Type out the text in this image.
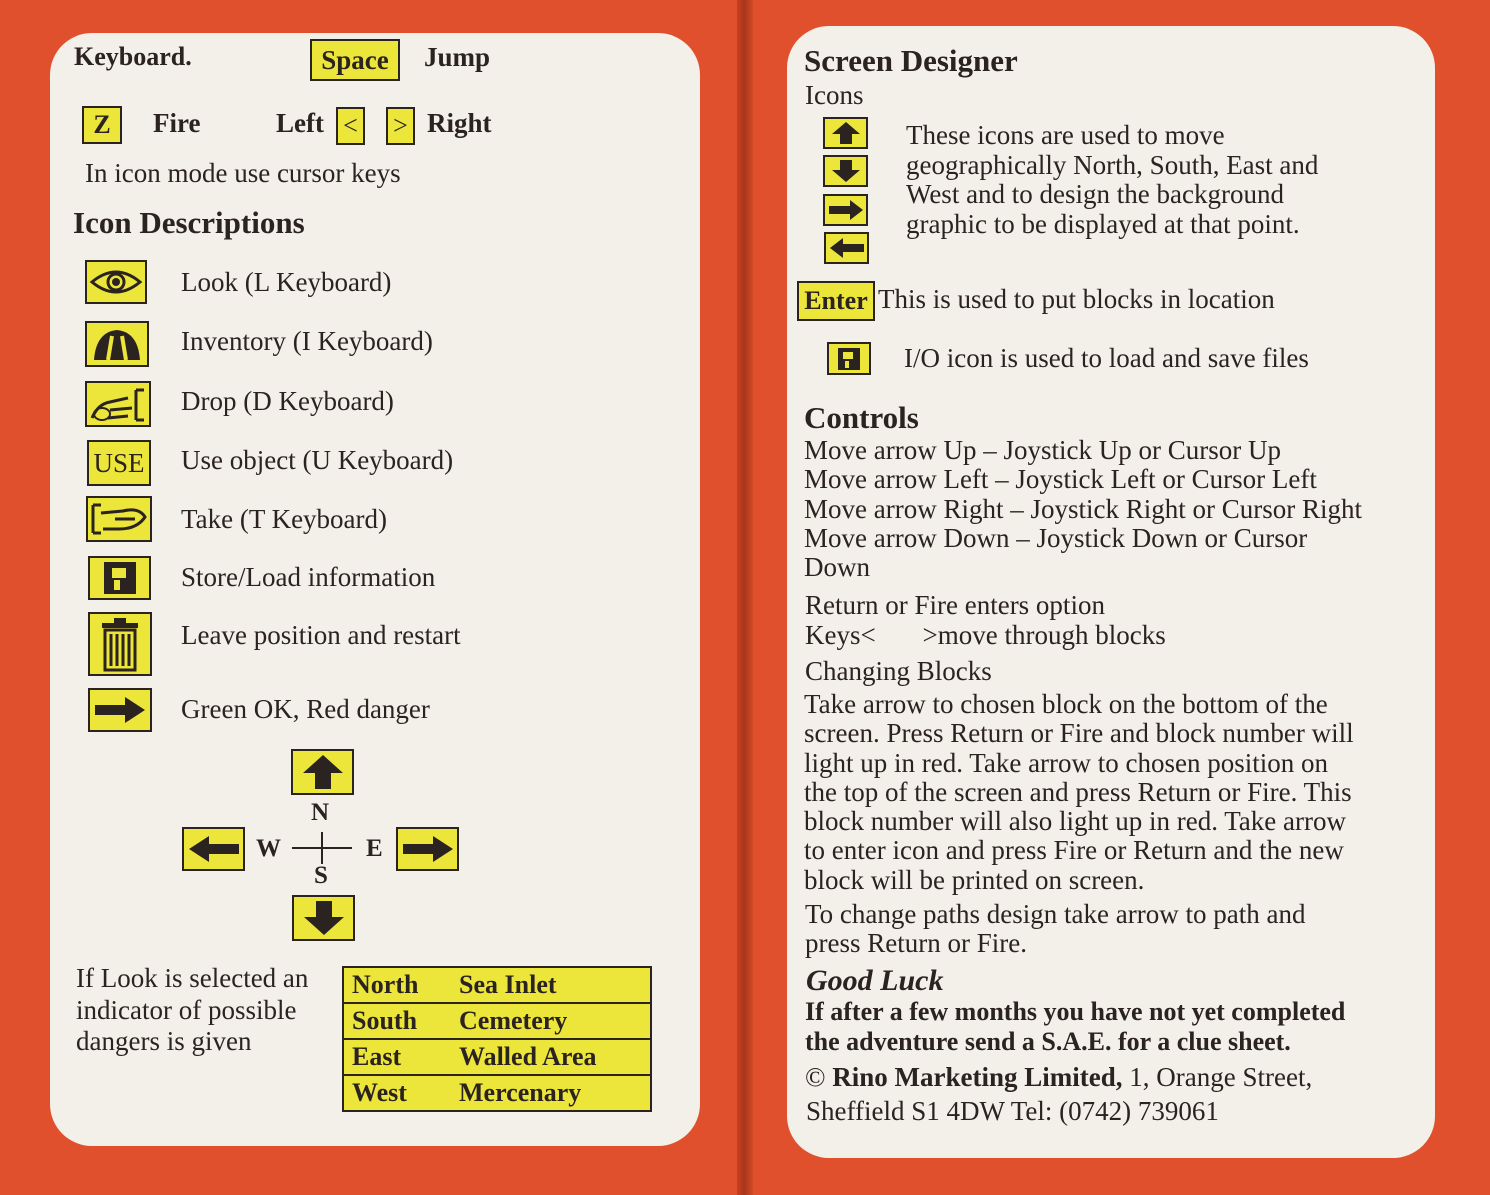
Keyboard.	Space	Jump
Z	Fire	Left < > Right
In icon mode use cursor keys
Icon Descriptions
Look (L Keyboard)
Inventory (I Keyboard)
Drop (D Keyboard)
USE Use object (U Keyboard)
Take (T Keyboard)
Store/Load information
Leave position and restart
Green OK, Red danger
N
S
W	E
If Look is selected an
indicator of possible
dangers is given
North	Sea Inlet
South	Cemetery
East	Walled Area
West	Mercenary
Screen Designer
Icons
These icons are used to move
geographically North, South, East and
West and to design the background
graphic to be displayed at that point.
Enter This is used to put blocks in location
I/O icon is used to load and save files
Controls
Move arrow Up – Joystick Up or Cursor Up
Move arrow Left – Joystick Left or Cursor Left
Move arrow Right – Joystick Right or Cursor Right
Move arrow Down – Joystick Down or Cursor
Down
Return or Fire enters option
Keys< >move through blocks
Changing Blocks
Take arrow to chosen block on the bottom of the
screen. Press Return or Fire and block number will
light up in red. Take arrow to chosen position on
the top of the screen and press Return or Fire. This
block number will also light up in red. Take arrow
to enter icon and press Fire or Return and the new
block will be printed on screen.
To change paths design take arrow to path and
press Return or Fire.
Good Luck
If after a few months you have not yet completed
the adventure send a S.A.E. for a clue sheet.
© Rino Marketing Limited, 1, Orange Street,
Sheffield S1 4DW Tel: (0742) 739061
